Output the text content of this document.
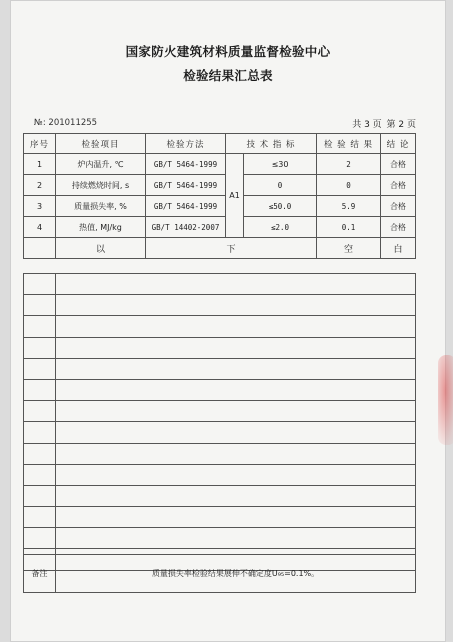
国家防火建筑材料质量监督检验中心
检验结果汇总表
№: 201011255	共 3 页 第 2 页
序号	检验项目	检验方法	技 术 指 标		检 验 结 果	结 论
1	炉内温升, ℃	GB/T 5464-1999	A1	≤30	2	合格
2	持续燃烧时间, s	GB/T 5464-1999		0	0	合格
3	质量损失率, %	GB/T 5464-1999		≤50.0	5.9	合格
4	热值, MJ/kg	GB/T 14402-2007		≤2.0	0.1	合格
	以	下			空	白

备注	质量损失率检验结果展伸不确定度U₉₅=0.1%。
